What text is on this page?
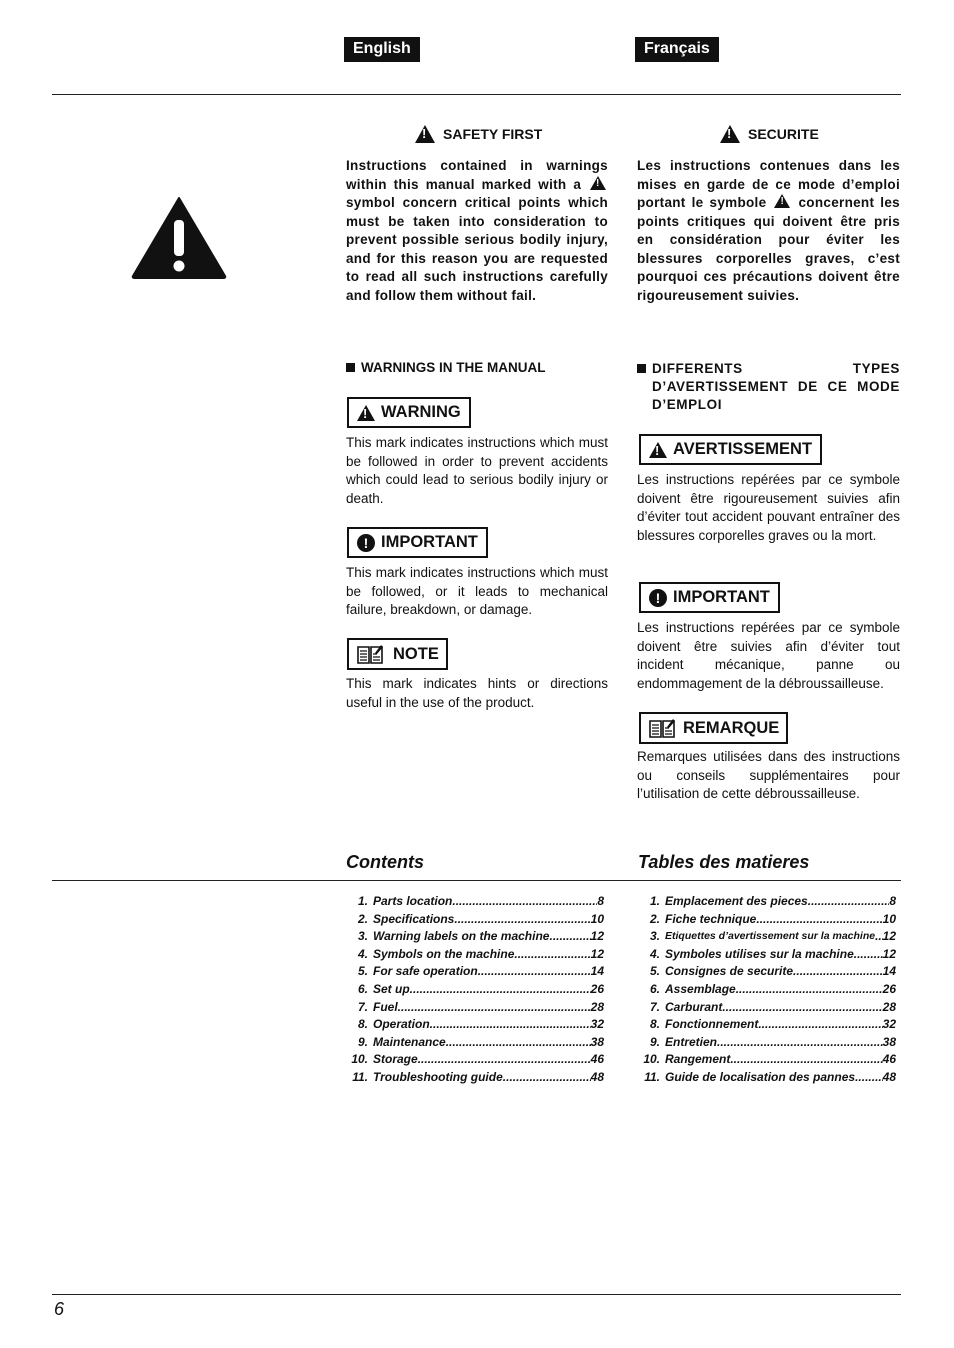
English	Français
!
SAFETY FIRST
Instructions contained in warnings within this manual marked with a ! symbol concern critical points which must be taken into consideration to prevent possible serious bodily injury, and for this reason you are requested to read all such instructions carefully and follow them without fail.
!
SECURITE
Les instructions contenues dans les mises en garde de ce mode d’emploi portant le symbole ! concernent les points critiques qui doivent être pris en considération pour éviter les blessures corporelles graves, c’est pourquoi ces précautions doivent être rigoureusement suivies.
WARNINGS IN THE MANUAL
!
WARNING
This mark indicates instructions which must be followed in order to prevent accidents which could lead to serious bodily injury or death.
! IMPORTANT
This mark indicates instructions which must be followed, or it leads to mechanical failure, breakdown, or damage.
NOTE
This mark indicates hints or directions useful in the use of the product.
DIFFERENTS TYPES D’AVERTISSEMENT DE CE MODE D’EMPLOI
!
AVERTISSEMENT
Les instructions repérées par ce symbole doivent être rigoureusement suivies afin d’éviter tout accident pouvant entraîner des blessures corporelles graves ou la mort.
! IMPORTANT
Les instructions repérées par ce symbole doivent être suivies afin d’éviter tout incident mécanique, panne ou endommagement de la débroussailleuse.
REMARQUE
Remarques utilisées dans des instructions ou conseils supplémentaires pour l’utilisation de cette débroussailleuse.
Contents	Tables des matieres
1. Parts location .....	8
2. Specifications .....	10
3. Warning labels on the machine .....	12
4. Symbols on the machine .....	12
5. For safe operation .....	14
6. Set up .....	26
7. Fuel .....	28
8. Operation .....	32
9. Maintenance .....	38
10. Storage .....	46
11. Troubleshooting guide .....	48
1. Emplacement des pieces .....	8
2. Fiche technique .....	10
3. Etiquettes d’avertissement sur la machine ..... 12
4. Symboles utilises sur la machine ..... 12
5. Consignes de securite .....	14
6. Assemblage .....	26
7. Carburant .....	28
8. Fonctionnement .....	32
9. Entretien .....	38
10. Rangement .....	46
11. Guide de localisation des pannes ..... 48
6
